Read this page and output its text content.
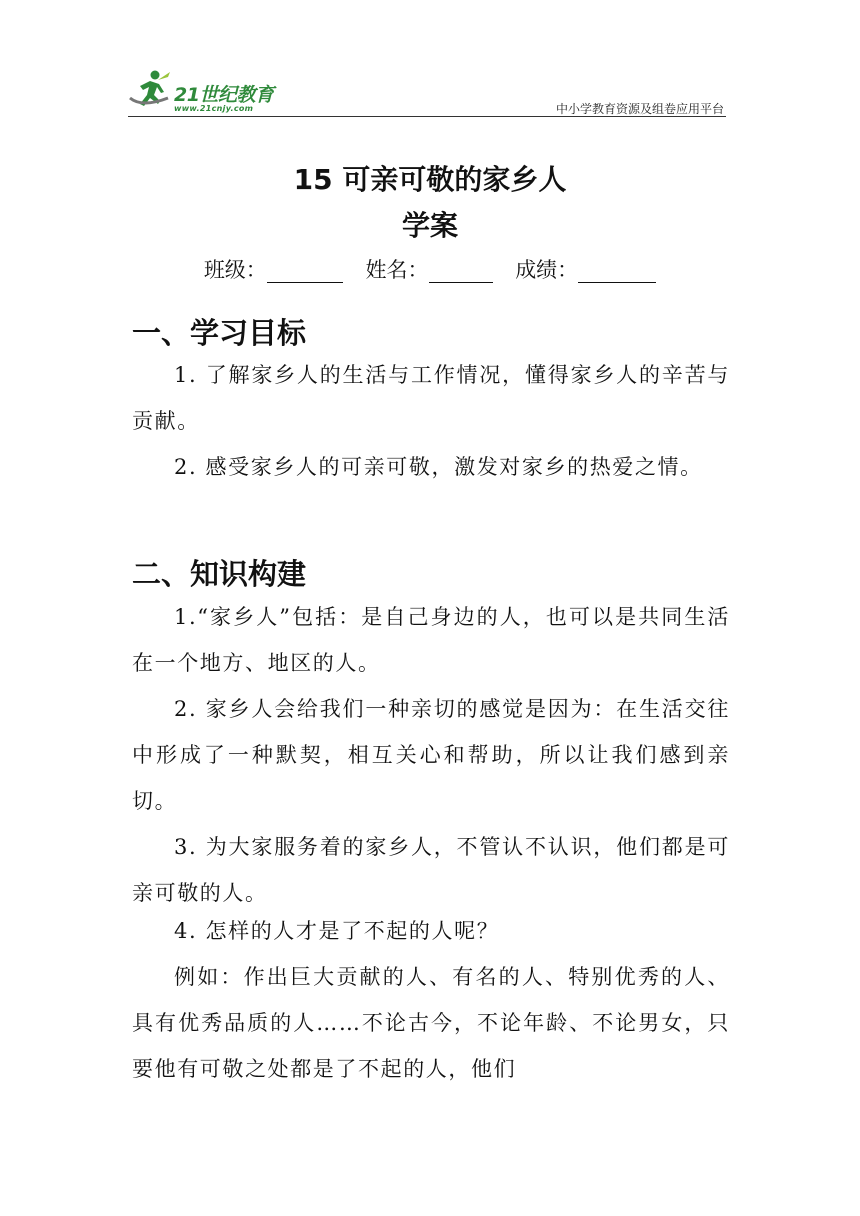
21世纪教育
www.21cnjy.com	中小学教育资源及组卷应用平台
15 可亲可敬的家乡人
学案
班级：	姓名：	成绩：
一、学习目标
1. 了解家乡人的生活与工作情况，懂得家乡人的辛苦与贡献。
2. 感受家乡人的可亲可敬，激发对家乡的热爱之情。
二、知识构建
1.“家乡人”包括：是自己身边的人，也可以是共同生活在一个地方、地区的人。
2. 家乡人会给我们一种亲切的感觉是因为：在生活交往中形成了一种默契，相互关心和帮助，所以让我们感到亲切。
3. 为大家服务着的家乡人，不管认不认识，他们都是可亲可敬的人。
4. 怎样的人才是了不起的人呢？
例如：作出巨大贡献的人、有名的人、特别优秀的人、具有优秀品质的人……不论古今，不论年龄、不论男女，只要他有可敬之处都是了不起的人，他们
